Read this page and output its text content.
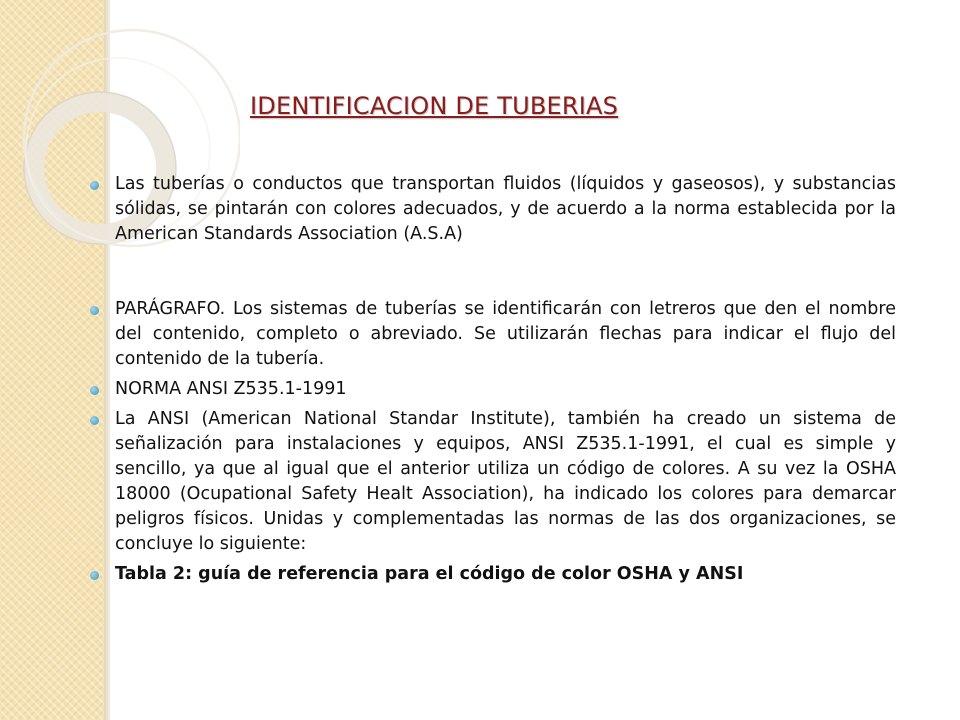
IDENTIFICACION DE TUBERIAS
Las tuberías o conductos que transportan fluidos (líquidos y gaseosos), y substancias sólidas, se pintarán con colores adecuados, y de acuerdo a la norma establecida por la American Standards Association (A.S.A)
PARÁGRAFO. Los sistemas de tuberías se identificarán con letreros que den el nombre del contenido, completo o abreviado. Se utilizarán flechas para indicar el flujo del contenido de la tubería.
NORMA ANSI Z535.1-1991
La ANSI (American National Standar Institute), también ha creado un sistema de señalización para instalaciones y equipos, ANSI Z535.1-1991, el cual es simple y sencillo, ya que al igual que el anterior utiliza un código de colores. A su vez la OSHA 18000 (Ocupational Safety Healt Association), ha indicado los colores para demarcar peligros físicos. Unidas y complementadas las normas de las dos organizaciones, se concluye lo siguiente:
Tabla 2: guía de referencia para el código de color OSHA y ANSI
